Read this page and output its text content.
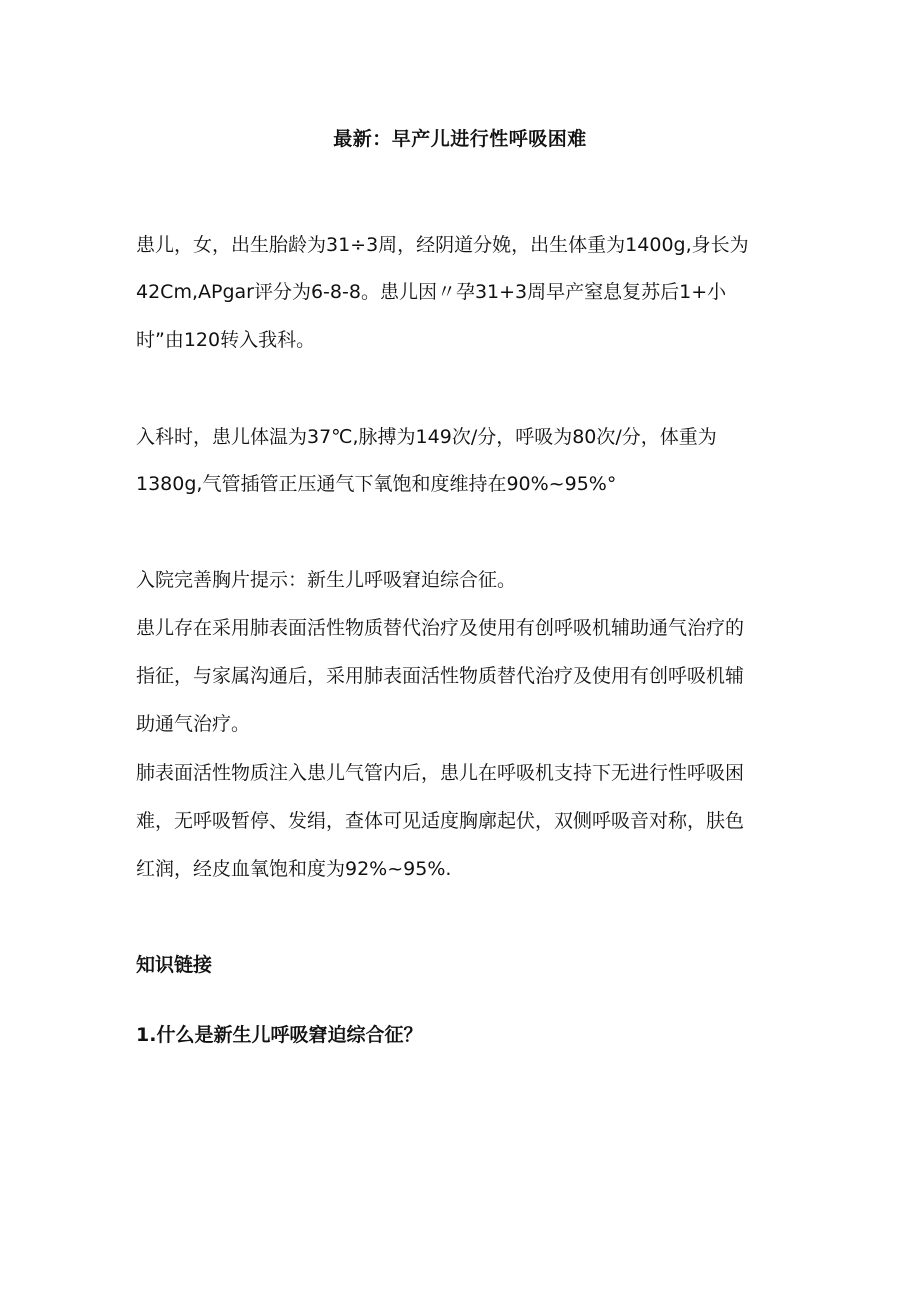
最新：早产儿进行性呼吸困难
患儿，女，出生胎龄为31÷3周，经阴道分娩，出生体重为1400g,身长为
42Cm,APgar评分为6-8-8。患儿因〃孕31+3周早产窒息复苏后1+小
时”由120转入我科。
入科时，患儿体温为37℃,脉搏为149次/分，呼吸为80次/分，体重为
1380g,气管插管正压通气下氧饱和度维持在90%~95%°
入院完善胸片提示：新生儿呼吸窘迫综合征。
患儿存在采用肺表面活性物质替代治疗及使用有创呼吸机辅助通气治疗的
指征，与家属沟通后，采用肺表面活性物质替代治疗及使用有创呼吸机辅
助通气治疗。
肺表面活性物质注入患儿气管内后，患儿在呼吸机支持下无进行性呼吸困
难，无呼吸暂停、发绢，查体可见适度胸廓起伏，双侧呼吸音对称，肤色
红润，经皮血氧饱和度为92%~95%.
知识链接
1.什么是新生儿呼吸窘迫综合征？
